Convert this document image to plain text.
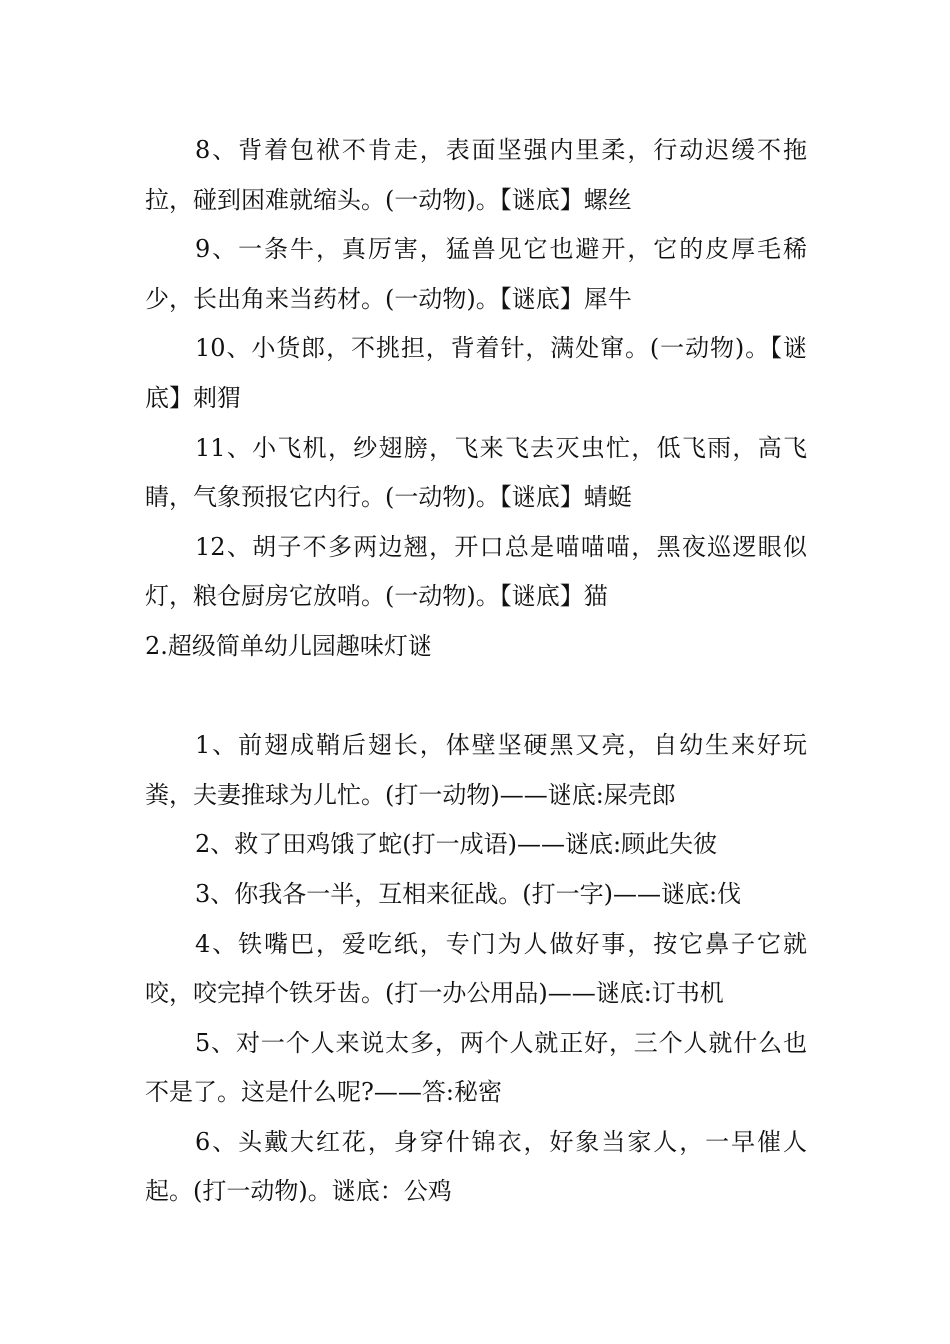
8、背着包袱不肯走，表面坚强内里柔，行动迟缓不拖拉，碰到困难就缩头。(一动物)。【谜底】螺丝

9、一条牛，真厉害，猛兽见它也避开，它的皮厚毛稀少，长出角来当药材。(一动物)。【谜底】犀牛

10、小货郎，不挑担，背着针，满处窜。(一动物)。【谜底】刺猬

11、小飞机，纱翅膀，飞来飞去灭虫忙，低飞雨，高飞睛，气象预报它内行。(一动物)。【谜底】蜻蜓

12、胡子不多两边翘，开口总是喵喵喵，黑夜巡逻眼似灯，粮仓厨房它放哨。(一动物)。【谜底】猫

2.超级简单幼儿园趣味灯谜

1、前翅成鞘后翅长，体壁坚硬黑又亮，自幼生来好玩粪，夫妻推球为儿忙。(打一动物)——谜底:屎壳郎

2、救了田鸡饿了蛇(打一成语)——谜底:顾此失彼

3、你我各一半，互相来征战。(打一字)——谜底:伐

4、铁嘴巴，爱吃纸，专门为人做好事，按它鼻子它就咬，咬完掉个铁牙齿。(打一办公用品)——谜底:订书机

5、对一个人来说太多，两个人就正好，三个人就什么也不是了。这是什么呢?——答:秘密

6、头戴大红花，身穿什锦衣，好象当家人，一早催人起。(打一动物)。谜底：公鸡
